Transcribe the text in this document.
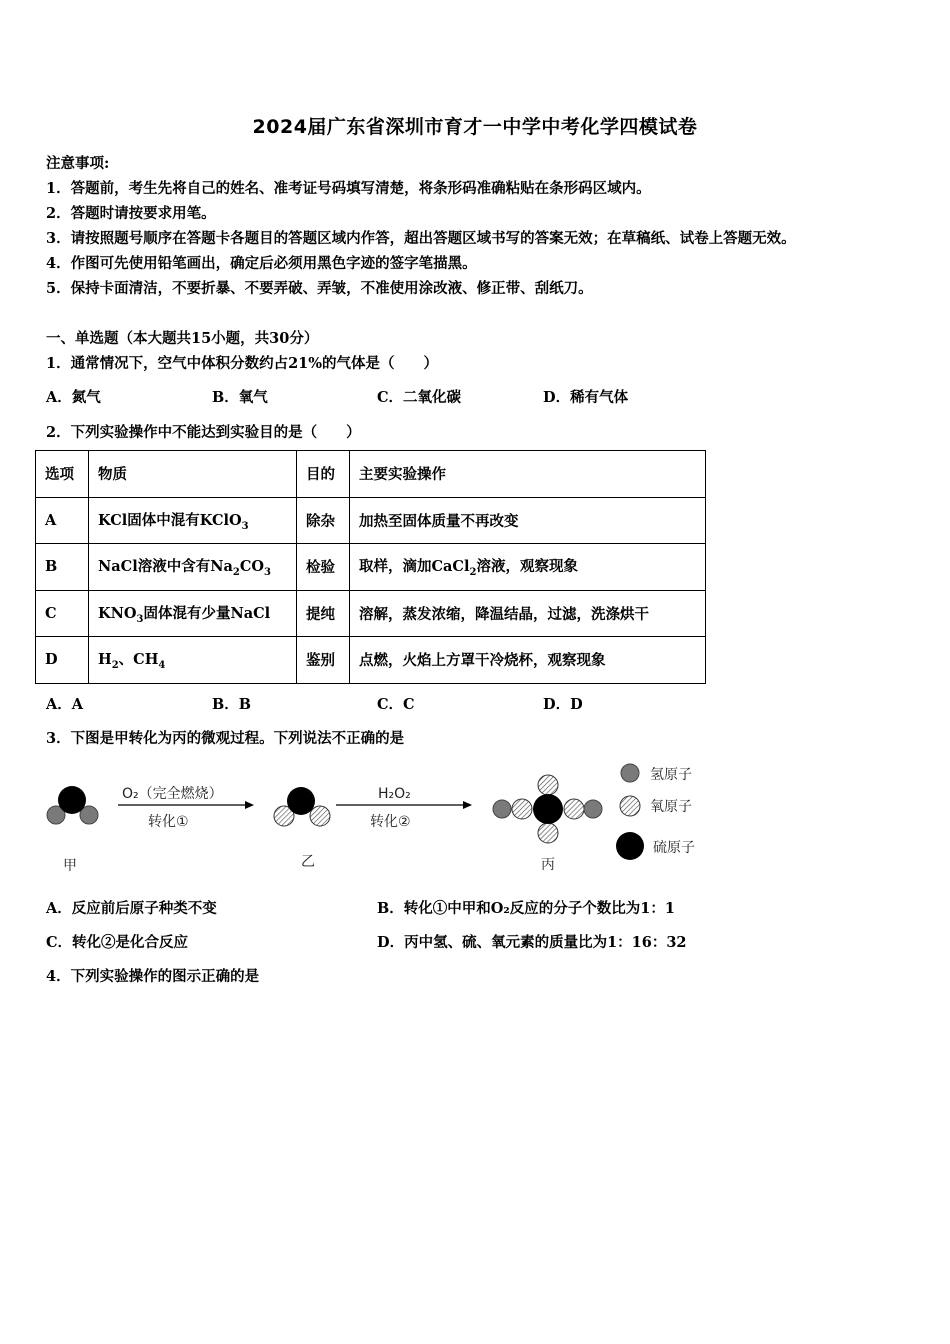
2024届广东省深圳市育才一中学中考化学四模试卷
注意事项:
1．答题前，考生先将自己的姓名、准考证号码填写清楚，将条形码准确粘贴在条形码区域内。
2．答题时请按要求用笔。
3．请按照题号顺序在答题卡各题目的答题区域内作答，超出答题区域书写的答案无效；在草稿纸、试卷上答题无效。
4．作图可先使用铅笔画出，确定后必须用黑色字迹的签字笔描黑。
5．保持卡面清洁，不要折暴、不要弄破、弄皱，不准使用涂改液、修正带、刮纸刀。
一、单选题（本大题共15小题，共30分）
1．通常情况下，空气中体积分数约占21%的气体是（　　）
A．氮气	B．氧气	C．二氧化碳	D．稀有气体
2．下列实验操作中不能达到实验目的是（　　）
选项	物质	目的	主要实验操作
A	KCl固体中混有KClO$_3$	除杂	加热至固体质量不再改变
B	NaCl溶液中含有$Na_2CO_3$	检验	取样，滴加CaCl$_2$溶液，观察现象
C	$KNO_3$固体混有少量NaCl	提纯	溶解，蒸发浓缩，降温结晶，过滤，洗涤烘干
D	$H_2$、$CH_4$	鉴别	点燃，火焰上方罩干冷烧杯，观察现象
A．A	B．B	C．C	D．D
3．下图是甲转化为丙的微观过程。下列说法不正确的是
甲
O₂（完全燃烧）
转化①
乙
H₂O₂
转化②
丙
氢原子
氧原子
硫原子
A．反应前后原子种类不变	B．转化①中甲和O₂反应的分子个数比为1：1
C．转化②是化合反应	D．丙中氢、硫、氧元素的质量比为1：16：32
4．下列实验操作的图示正确的是
